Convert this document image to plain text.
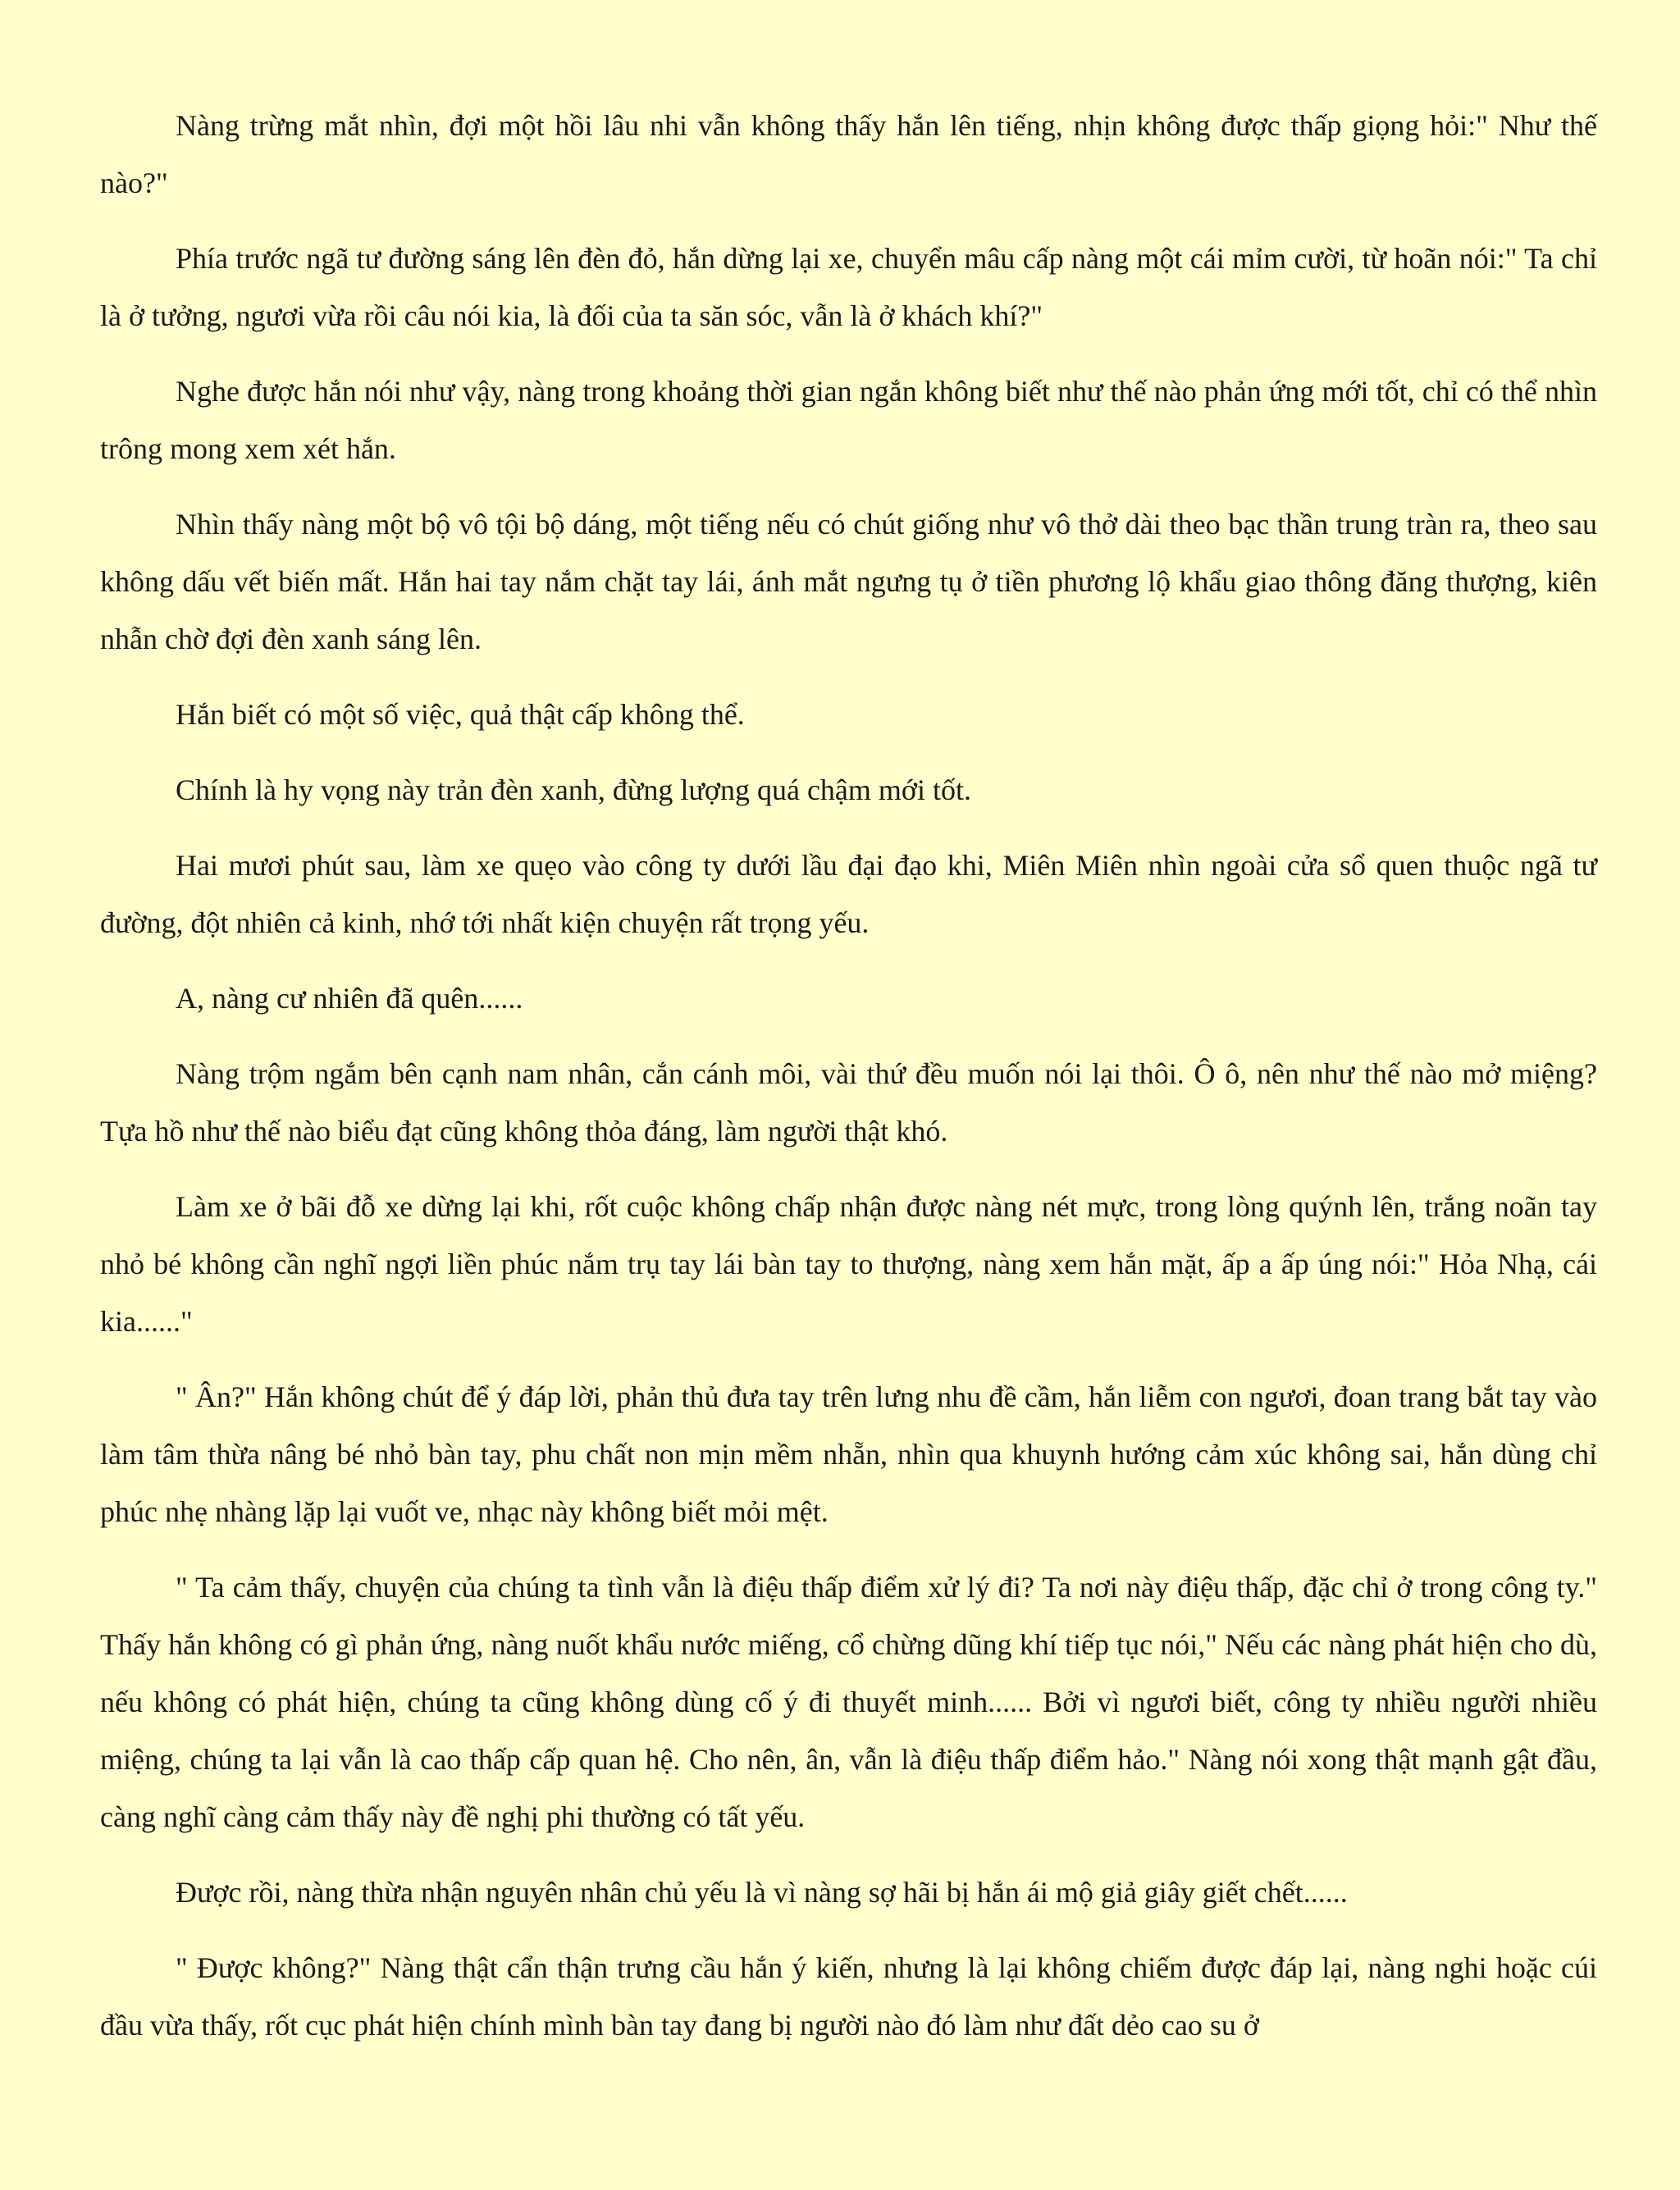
Nàng trừng mắt nhìn, đợi một hồi lâu nhi vẫn không thấy hắn lên tiếng, nhịn không được thấp giọng hỏi:" Như thế nào?"

Phía trước ngã tư đường sáng lên đèn đỏ, hắn dừng lại xe, chuyển mâu cấp nàng một cái mỉm cười, từ hoãn nói:" Ta chỉ là ở tưởng, ngươi vừa rồi câu nói kia, là đối của ta săn sóc, vẫn là ở khách khí?"

Nghe được hắn nói như vậy, nàng trong khoảng thời gian ngắn không biết như thế nào phản ứng mới tốt, chỉ có thể nhìn trông mong xem xét hắn.

Nhìn thấy nàng một bộ vô tội bộ dáng, một tiếng nếu có chút giống như vô thở dài theo bạc thần trung tràn ra, theo sau không dấu vết biến mất. Hắn hai tay nắm chặt tay lái, ánh mắt ngưng tụ ở tiền phương lộ khẩu giao thông đăng thượng, kiên nhẫn chờ đợi đèn xanh sáng lên.

Hắn biết có một số việc, quả thật cấp không thể.

Chính là hy vọng này trản đèn xanh, đừng lượng quá chậm mới tốt.

Hai mươi phút sau, làm xe quẹo vào công ty dưới lầu đại đạo khi, Miên Miên nhìn ngoài cửa sổ quen thuộc ngã tư đường, đột nhiên cả kinh, nhớ tới nhất kiện chuyện rất trọng yếu.

A, nàng cư nhiên đã quên......

Nàng trộm ngắm bên cạnh nam nhân, cắn cánh môi, vài thứ đều muốn nói lại thôi. Ô ô, nên như thế nào mở miệng? Tựa hồ như thế nào biểu đạt cũng không thỏa đáng, làm người thật khó.

Làm xe ở bãi đỗ xe dừng lại khi, rốt cuộc không chấp nhận được nàng nét mực, trong lòng quýnh lên, trắng noãn tay nhỏ bé không cần nghĩ ngợi liền phúc nắm trụ tay lái bàn tay to thượng, nàng xem hắn mặt, ấp a ấp úng nói:" Hỏa Nhạ, cái kia......"

" Ân?" Hắn không chút để ý đáp lời, phản thủ đưa tay trên lưng nhu đề cầm, hắn liễm con ngươi, đoan trang bắt tay vào làm tâm thừa nâng bé nhỏ bàn tay, phu chất non mịn mềm nhẵn, nhìn qua khuynh hướng cảm xúc không sai, hắn dùng chỉ phúc nhẹ nhàng lặp lại vuốt ve, nhạc này không biết mỏi mệt.

" Ta cảm thấy, chuyện của chúng ta tình vẫn là điệu thấp điểm xử lý đi? Ta nơi này điệu thấp, đặc chỉ ở trong công ty." Thấy hắn không có gì phản ứng, nàng nuốt khẩu nước miếng, cổ chừng dũng khí tiếp tục nói," Nếu các nàng phát hiện cho dù, nếu không có phát hiện, chúng ta cũng không dùng cố ý đi thuyết minh...... Bởi vì ngươi biết, công ty nhiều người nhiều miệng, chúng ta lại vẫn là cao thấp cấp quan hệ. Cho nên, ân, vẫn là điệu thấp điểm hảo." Nàng nói xong thật mạnh gật đầu, càng nghĩ càng cảm thấy này đề nghị phi thường có tất yếu.

Được rồi, nàng thừa nhận nguyên nhân chủ yếu là vì nàng sợ hãi bị hắn ái mộ giả giây giết chết......

" Được không?" Nàng thật cẩn thận trưng cầu hắn ý kiến, nhưng là lại không chiếm được đáp lại, nàng nghi hoặc cúi đầu vừa thấy, rốt cục phát hiện chính mình bàn tay đang bị người nào đó làm như đất dẻo cao su ở
